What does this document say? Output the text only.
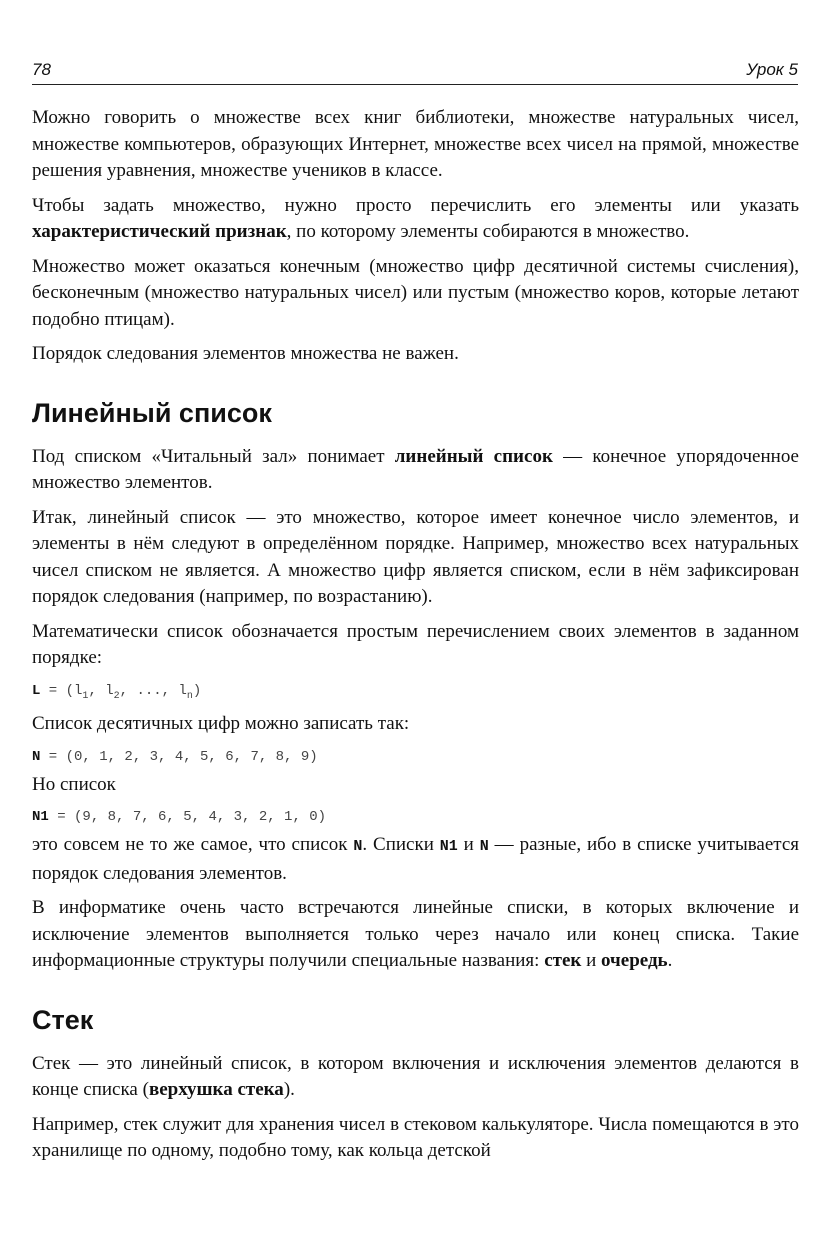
78	Урок 5

Можно говорить о множестве всех книг библиотеки, множестве натуральных чисел, множестве компьютеров, образующих Интернет, множестве всех чисел на прямой, множестве решения уравнения, множестве учеников в классе.

Чтобы задать множество, нужно просто перечислить его элементы или указать характеристический признак, по которому элементы собираются в множество.

Множество может оказаться конечным (множество цифр десятичной системы счисления), бесконечным (множество натуральных чисел) или пустым (множество коров, которые летают подобно птицам).

Порядок следования элементов множества не важен.

Линейный список

Под списком «Читальный зал» понимает линейный список — конечное упорядоченное множество элементов.

Итак, линейный список — это множество, которое имеет конечное число элементов, и элементы в нём следуют в определённом порядке. Например, множество всех натуральных чисел списком не является. А множество цифр является списком, если в нём зафиксирован порядок следования (например, по возрастанию).

Математически список обозначается простым перечислением своих элементов в заданном порядке:

$L = (l_1$, $l_2$, ..., $l_n$)

Список десятичных цифр можно записать так:

N = (0, 1, 2, 3, 4, 5, 6, 7, 8, 9)

Но список

N1 = (9, 8, 7, 6, 5, 4, 3, 2, 1, 0)

это совсем не то же самое, что список N. Списки N1 и N — разные, ибо в списке учитывается порядок следования элементов.

В информатике очень часто встречаются линейные списки, в которых включение и исключение элементов выполняется только через начало или конец списка. Такие информационные структуры получили специальные названия: стек и очередь.

Стек

Стек — это линейный список, в котором включения и исключения элементов делаются в конце списка (верхушка стека).

Например, стек служит для хранения чисел в стековом калькуляторе. Числа помещаются в это хранилище по одному, подобно тому, как кольца детской
